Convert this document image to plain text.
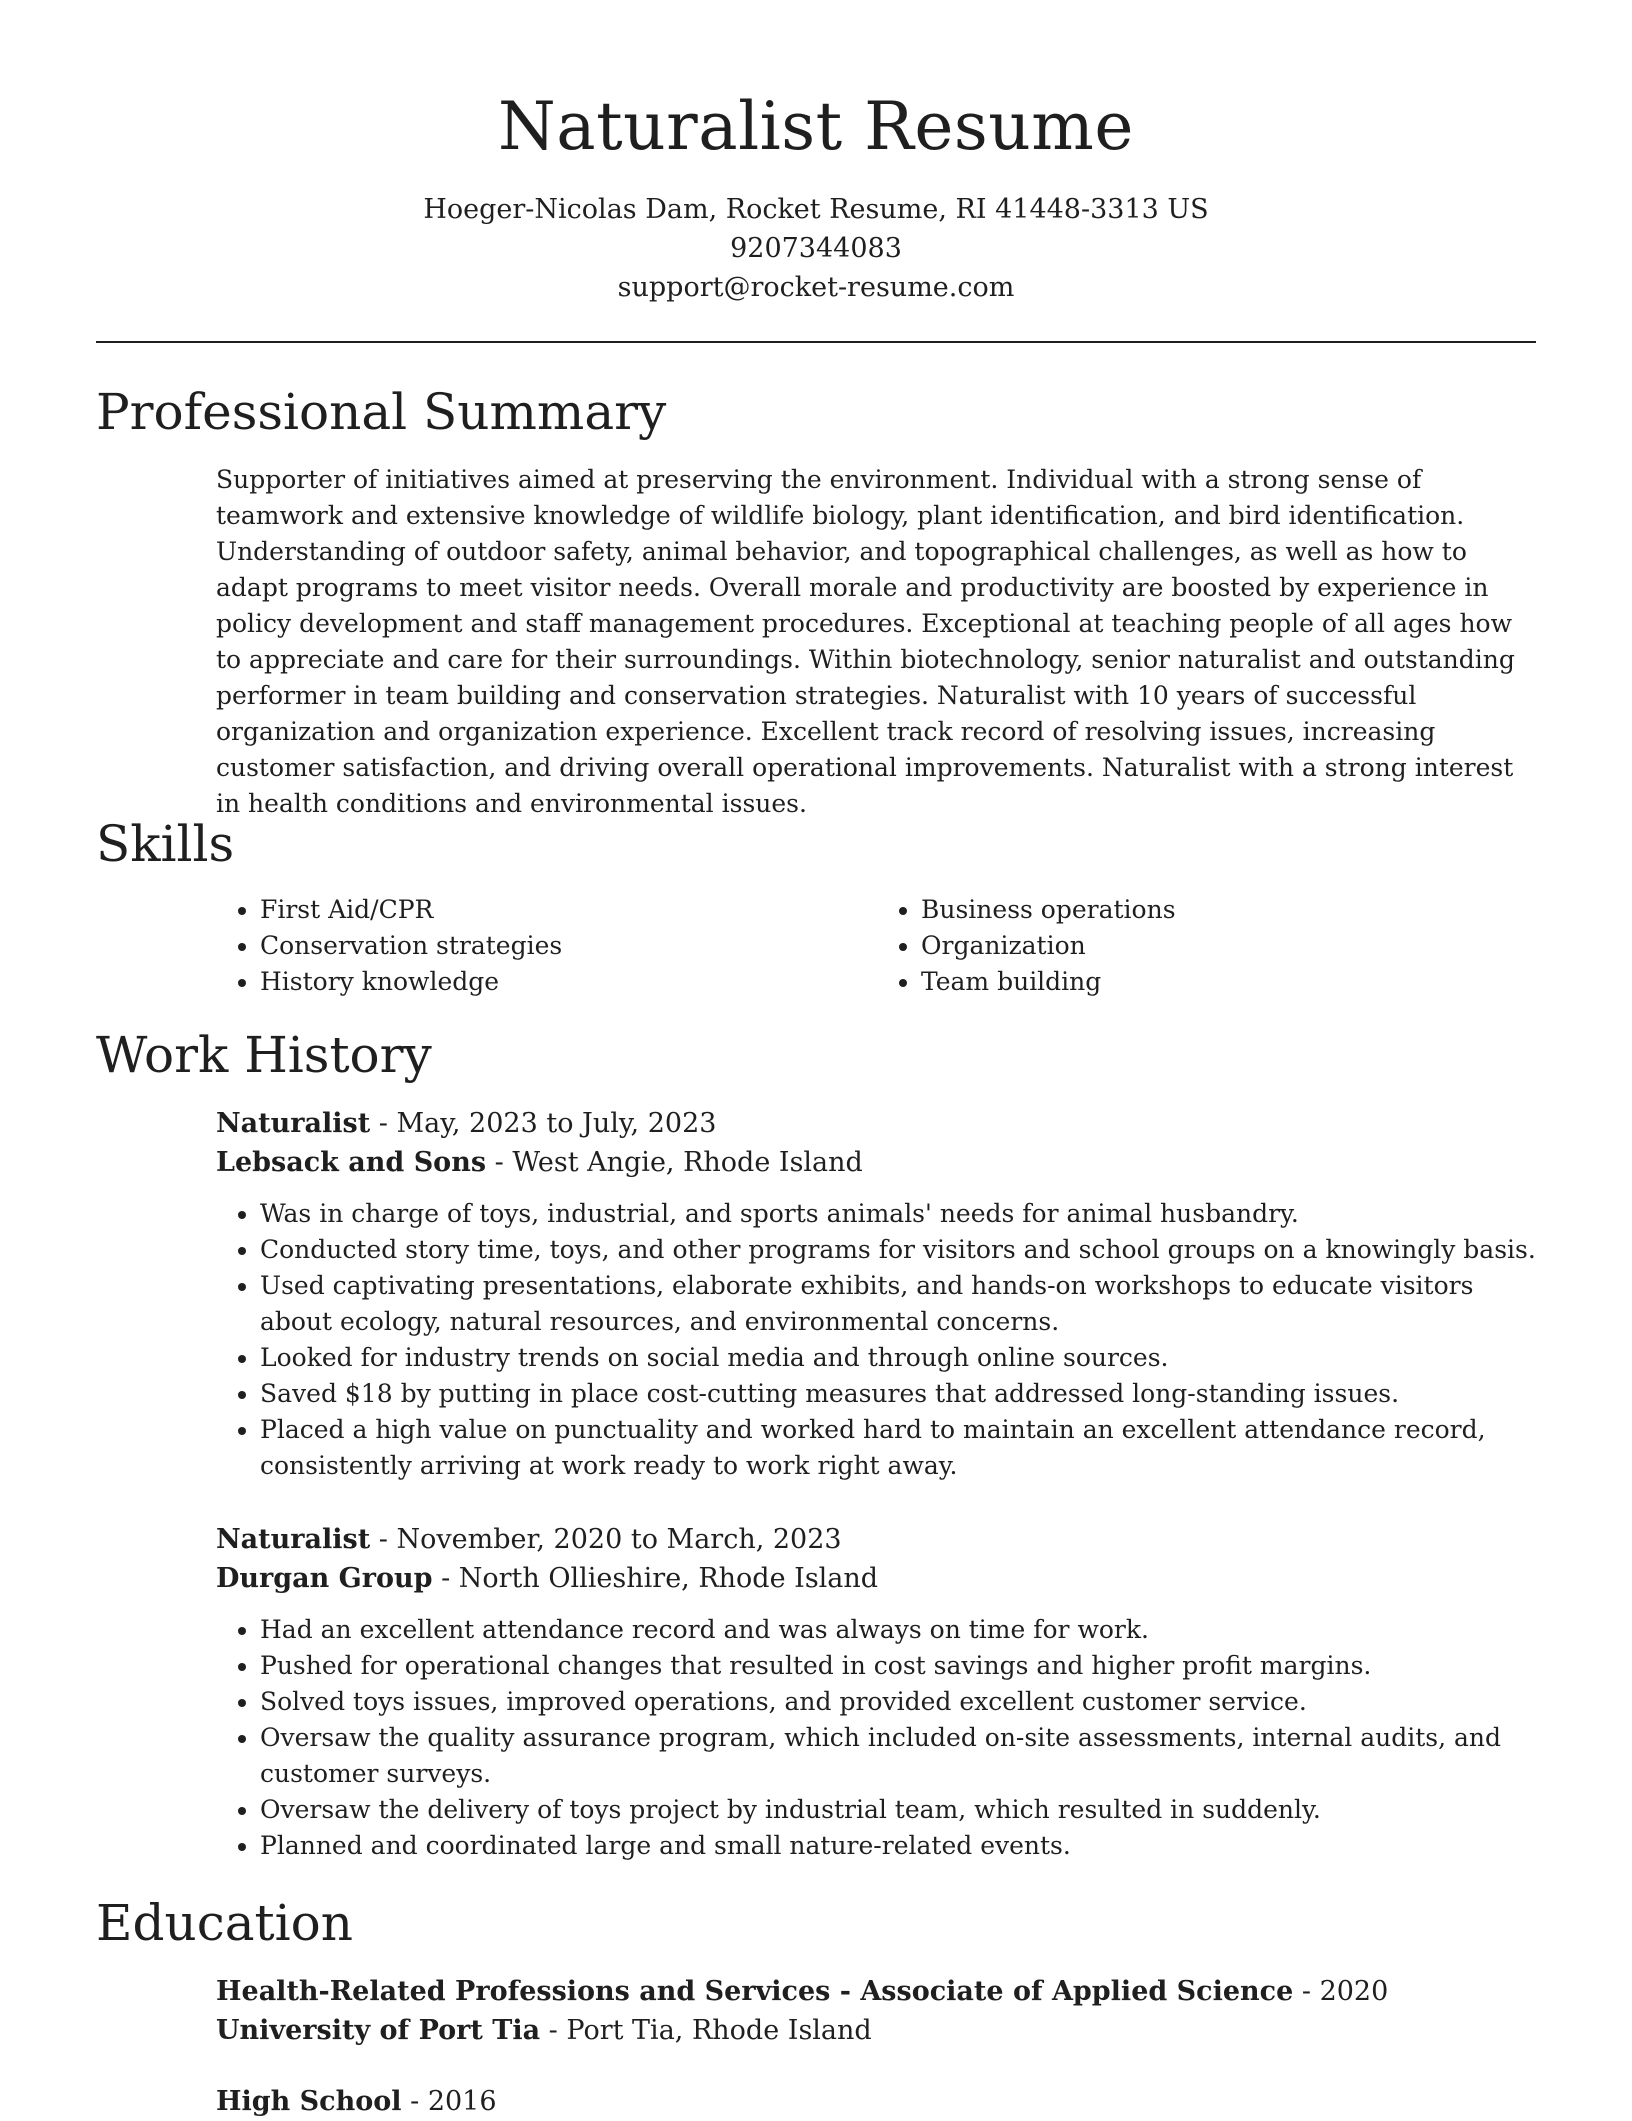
Naturalist Resume
Hoeger-Nicolas Dam, Rocket Resume, RI 41448-3313 US
9207344083
support@rocket-resume.com
Professional Summary
Supporter of initiatives aimed at preserving the environment. Individual with a strong sense of teamwork and extensive knowledge of wildlife biology, plant identification, and bird identification. Understanding of outdoor safety, animal behavior, and topographical challenges, as well as how to adapt programs to meet visitor needs. Overall morale and productivity are boosted by experience in policy development and staff management procedures. Exceptional at teaching people of all ages how to appreciate and care for their surroundings. Within biotechnology, senior naturalist and outstanding performer in team building and conservation strategies. Naturalist with 10 years of successful organization and organization experience. Excellent track record of resolving issues, increasing customer satisfaction, and driving overall operational improvements. Naturalist with a strong interest in health conditions and environmental issues.
Skills
• First Aid/CPR
• Conservation strategies
• History knowledge
• Business operations
• Organization
• Team building
Work History
Naturalist - May, 2023 to July, 2023
Lebsack and Sons - West Angie, Rhode Island
• Was in charge of toys, industrial, and sports animals' needs for animal husbandry.
• Conducted story time, toys, and other programs for visitors and school groups on a knowingly basis.
• Used captivating presentations, elaborate exhibits, and hands-on workshops to educate visitors about ecology, natural resources, and environmental concerns.
• Looked for industry trends on social media and through online sources.
• Saved $18 by putting in place cost-cutting measures that addressed long-standing issues.
• Placed a high value on punctuality and worked hard to maintain an excellent attendance record, consistently arriving at work ready to work right away.
Naturalist - November, 2020 to March, 2023
Durgan Group - North Ollieshire, Rhode Island
• Had an excellent attendance record and was always on time for work.
• Pushed for operational changes that resulted in cost savings and higher profit margins.
• Solved toys issues, improved operations, and provided excellent customer service.
• Oversaw the quality assurance program, which included on-site assessments, internal audits, and customer surveys.
• Oversaw the delivery of toys project by industrial team, which resulted in suddenly.
• Planned and coordinated large and small nature-related events.
Education
Health-Related Professions and Services - Associate of Applied Science - 2020
University of Port Tia - Port Tia, Rhode Island
High School - 2016
